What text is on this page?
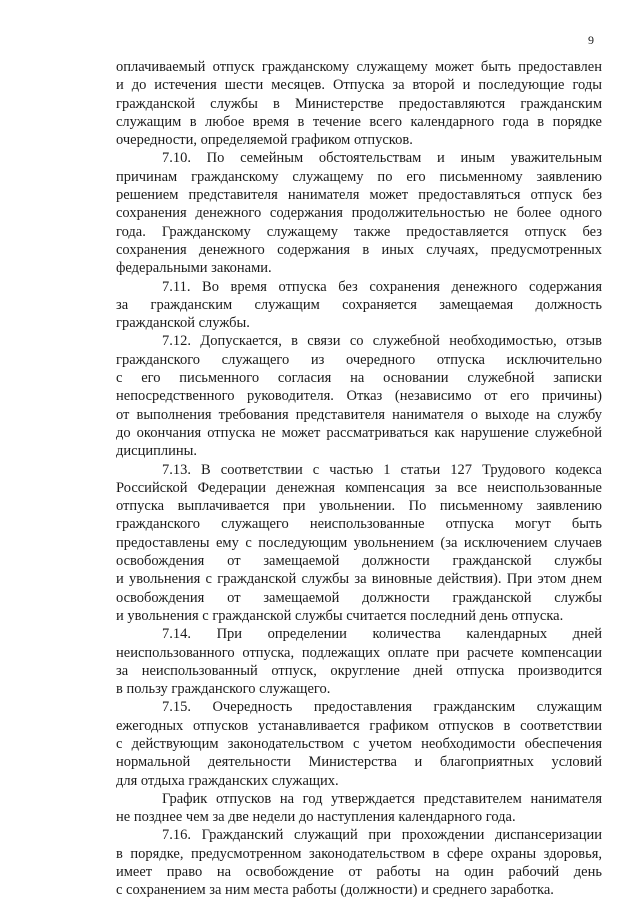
9
оплачиваемый отпуск гражданскому служащему может быть предоставлен
и до истечения шести месяцев. Отпуска за второй и последующие годы
гражданской службы в Министерстве предоставляются гражданским
служащим в любое время в течение всего календарного года в порядке
очередности, определяемой графиком отпусков.
7.10. По семейным обстоятельствам и иным уважительным
причинам гражданскому служащему по его письменному заявлению
решением представителя нанимателя может предоставляться отпуск без
сохранения денежного содержания продолжительностью не более одного
года. Гражданскому служащему также предоставляется отпуск без
сохранения денежного содержания в иных случаях, предусмотренных
федеральными законами.
7.11. Во время отпуска без сохранения денежного содержания
за гражданским служащим сохраняется замещаемая должность
гражданской службы.
7.12. Допускается, в связи со служебной необходимостью, отзыв
гражданского служащего из очередного отпуска исключительно
с его письменного согласия на основании служебной записки
непосредственного руководителя. Отказ (независимо от его причины)
от выполнения требования представителя нанимателя о выходе на службу
до окончания отпуска не может рассматриваться как нарушение служебной
дисциплины.
7.13. В соответствии с частью 1 статьи 127 Трудового кодекса
Российской Федерации денежная компенсация за все неиспользованные
отпуска выплачивается при увольнении. По письменному заявлению
гражданского служащего неиспользованные отпуска могут быть
предоставлены ему с последующим увольнением (за исключением случаев
освобождения от замещаемой должности гражданской службы
и увольнения с гражданской службы за виновные действия). При этом днем
освобождения от замещаемой должности гражданской службы
и увольнения с гражданской службы считается последний день отпуска.
7.14. При определении количества календарных дней
неиспользованного отпуска, подлежащих оплате при расчете компенсации
за неиспользованный отпуск, округление дней отпуска производится
в пользу гражданского служащего.
7.15. Очередность предоставления гражданским служащим
ежегодных отпусков устанавливается графиком отпусков в соответствии
с действующим законодательством с учетом необходимости обеспечения
нормальной деятельности Министерства и благоприятных условий
для отдыха гражданских служащих.
График отпусков на год утверждается представителем нанимателя
не позднее чем за две недели до наступления календарного года.
7.16. Гражданский служащий при прохождении диспансеризации
в порядке, предусмотренном законодательством в сфере охраны здоровья,
имеет право на освобождение от работы на один рабочий день
с сохранением за ним места работы (должности) и среднего заработка.
